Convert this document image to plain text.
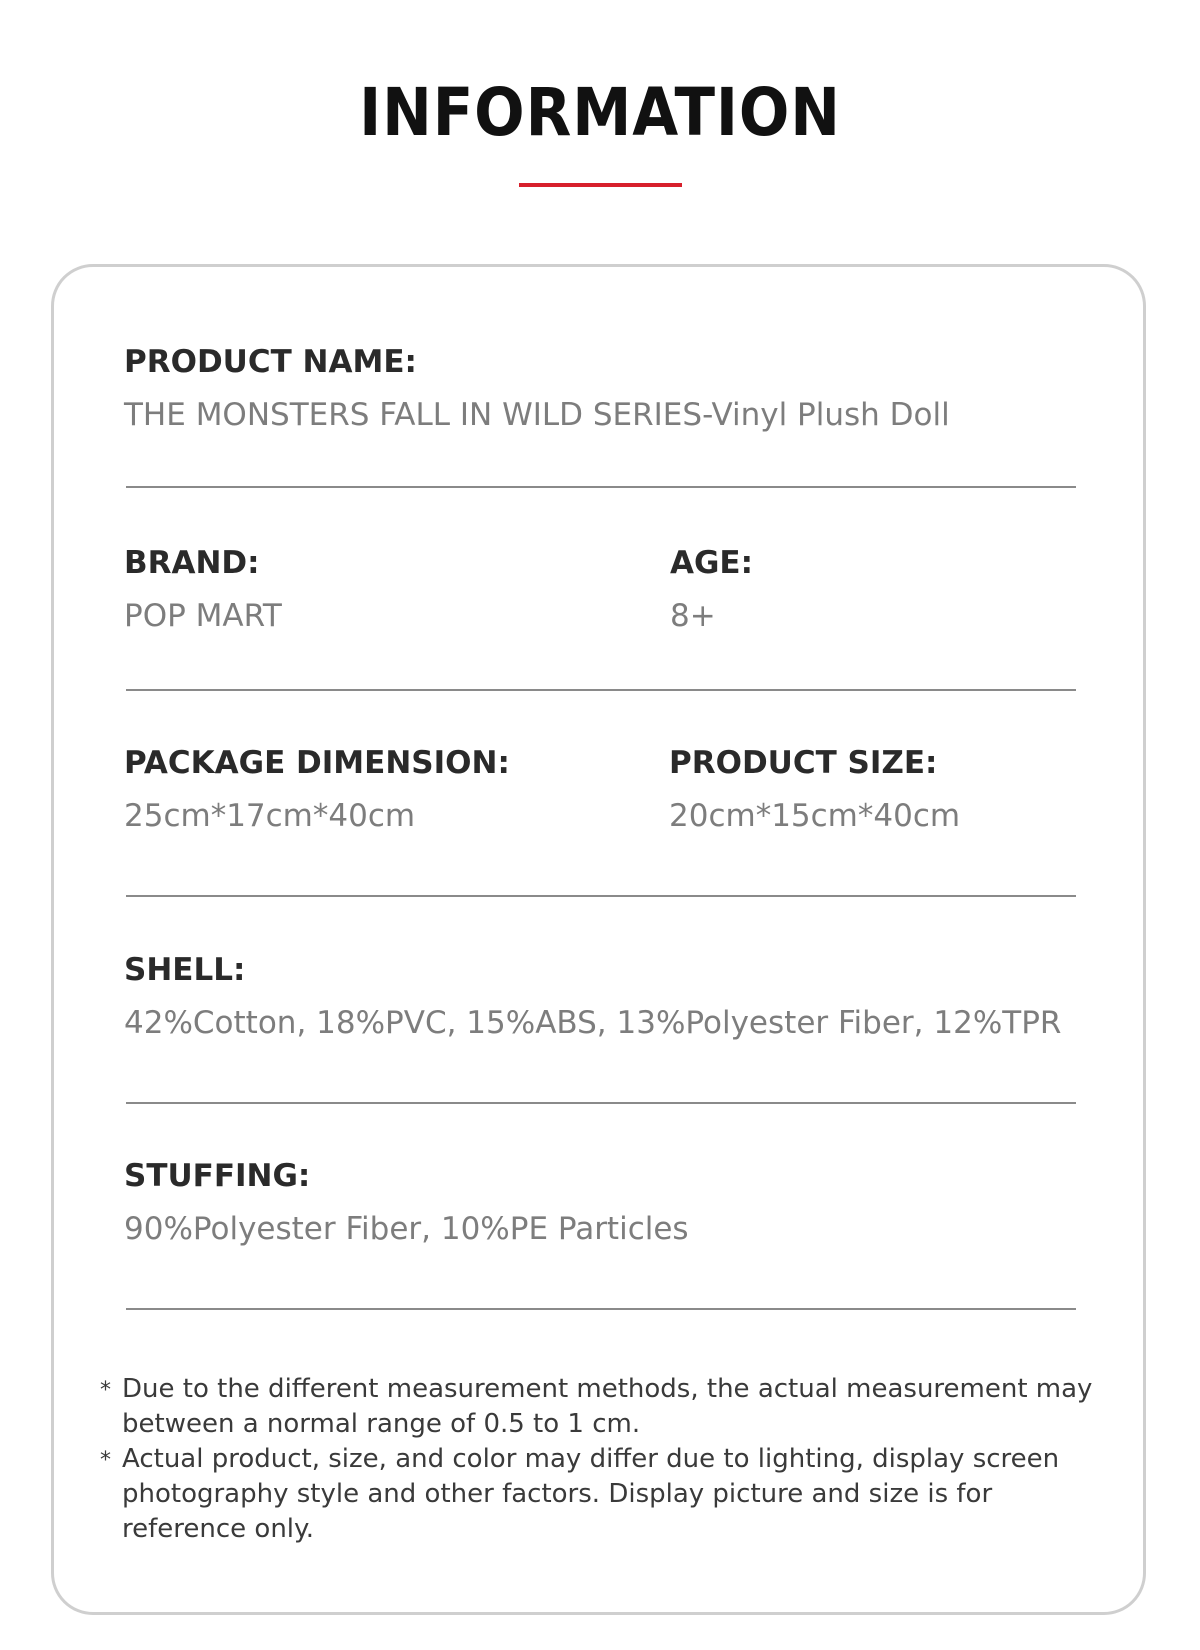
INFORMATION
PRODUCT NAME:
THE MONSTERS FALL IN WILD SERIES-Vinyl Plush Doll
BRAND:
POP MART
AGE:
8+
PACKAGE DIMENSION:
25cm*17cm*40cm
PRODUCT SIZE:
20cm*15cm*40cm
SHELL:
42%Cotton, 18%PVC, 15%ABS, 13%Polyester Fiber, 12%TPR
STUFFING:
90%Polyester Fiber, 10%PE Particles
* Due to the different measurement methods, the actual measurement may between a normal range of 0.5 to 1 cm.
* Actual product, size, and color may differ due to lighting, display screen photography style and other factors. Display picture and size is for reference only.
